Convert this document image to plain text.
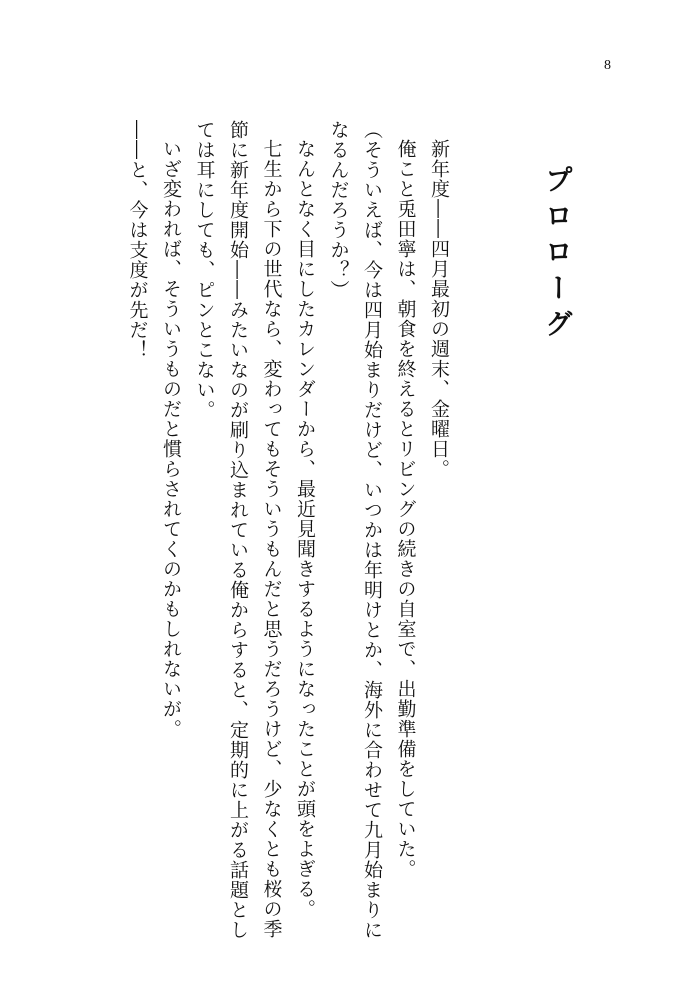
8
プロローグ

新年度――四月最初の週末、金曜日。

俺こと兎田寧は、朝食を終えるとリビングの続きの自室で、出勤準備をしていた。

（そういえば、今は四月始まりだけど、いつかは年明けとか、海外に合わせて九月始まりになるんだろうか？）

なんとなく目にしたカレンダーから、最近見聞きするようになったことが頭をよぎる。

七生から下の世代なら、変わってもそういうもんだと思うだろうけど、少なくとも桜の季節に新年度開始――みたいなのが刷り込まれている俺からすると、定期的に上がる話題としては耳にしても、ピンとこない。

いざ変われば、そういうものだと慣らされてくのかもしれないが。

――と、今は支度が先だ！
